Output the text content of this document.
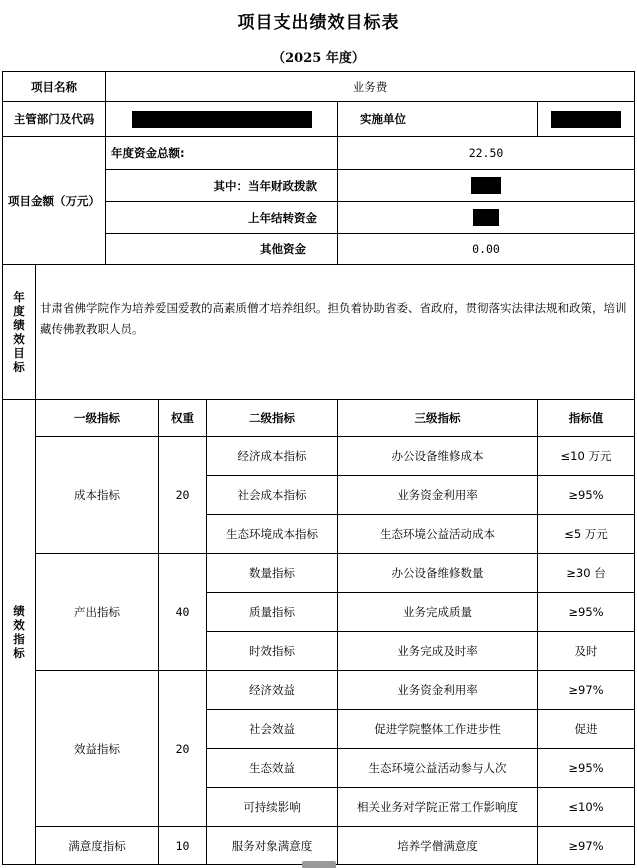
项目支出绩效目标表
（2025 年度）
项目名称		业务费				
主管部门及代码					实施单位	
项目金额（万元）		年度资金总额:			22.50	
		其中：当年财政拨款				
		上年结转资金				
		其他资金			0.00	
年度绩效目标	甘肃省佛学院作为培养爱国爱教的高素质僧才培养组织。担负着协助省委、省政府，贯彻落实法律法规和政策，培训藏传佛教教职人员。					
绩效指标	一级指标		权重	二级指标	三级指标	指标值
	成本指标		20	经济成本指标	办公设备维修成本	≤10 万元
				社会成本指标	业务资金利用率	≥95%
				生态环境成本指标	生态环境公益活动成本	≤5 万元
	产出指标		40	数量指标	办公设备维修数量	≥30 台
				质量指标	业务完成质量	≥95%
				时效指标	业务完成及时率	及时
	效益指标		20	经济效益	业务资金利用率	≥97%
				社会效益	促进学院整体工作进步性	促进
				生态效益	生态环境公益活动参与人次	≥95%
				可持续影响	相关业务对学院正常工作影响度	≤10%
	满意度指标		10	服务对象满意度	培养学僧满意度	≥97%
